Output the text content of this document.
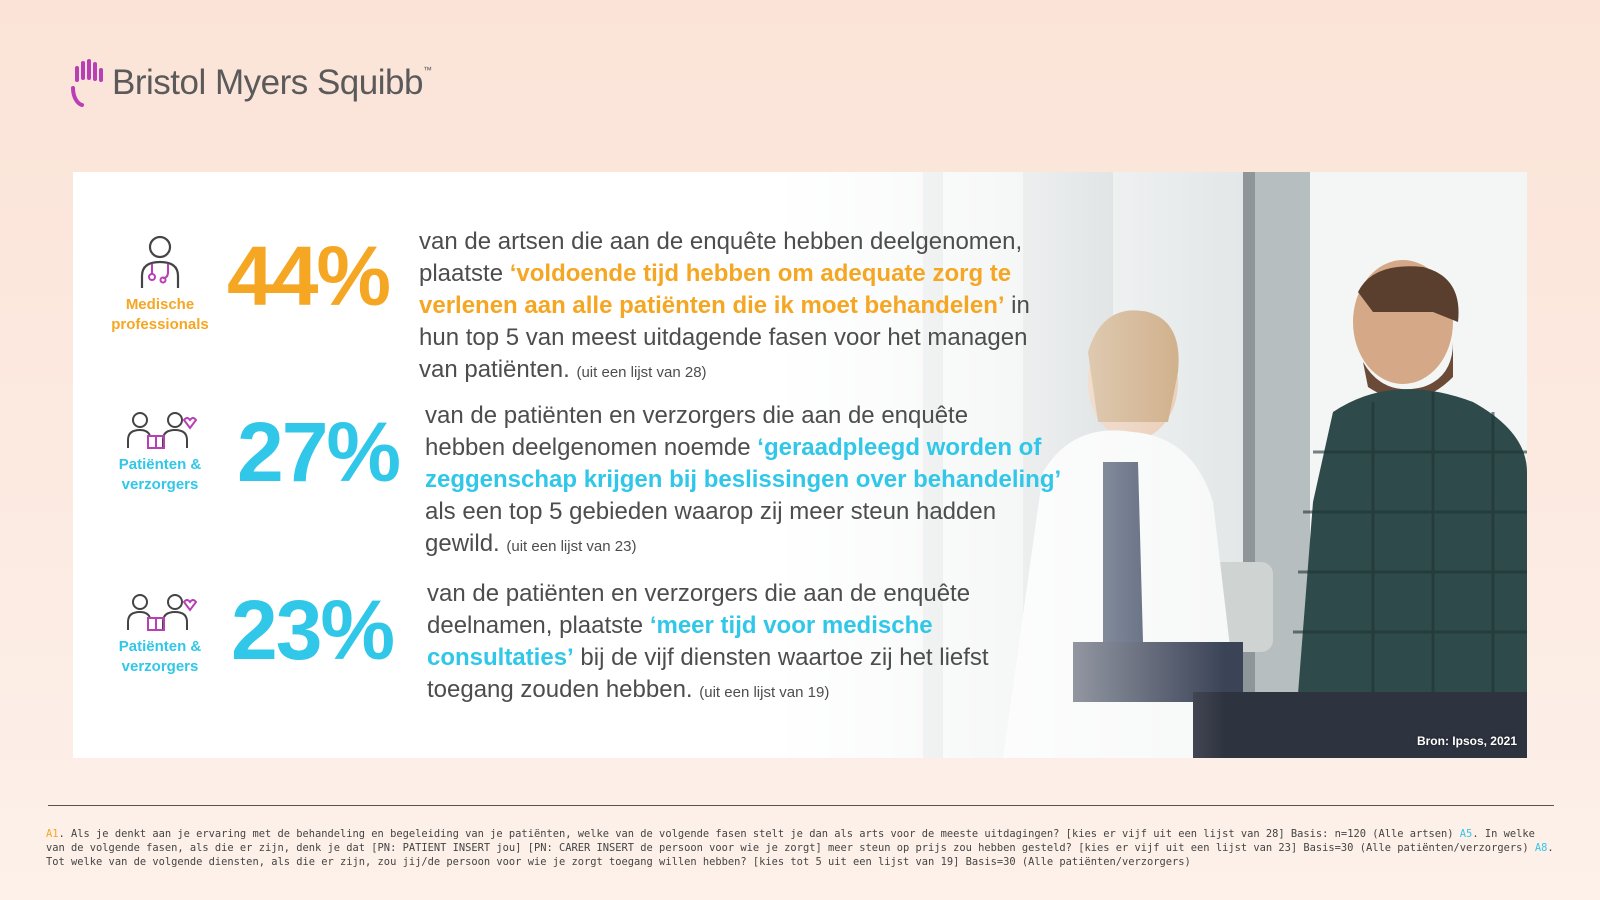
Bristol Myers Squibb™
Medische
professionals
44% van de artsen die aan de enquête hebben deelgenomen,
plaatste ‘voldoende tijd hebben om adequate zorg te verlenen aan alle patiënten die ik moet behandelen’ in hun top 5 van meest uitdagende fasen voor het managen van patiënten. (uit een lijst van 28)
Patiënten &
verzorgers 27% van de patiënten en verzorgers die aan de enquête
hebben deelgenomen noemde ‘geraadpleegd worden of zeggenschap krijgen bij beslissingen over behandeling’ als een top 5 gebieden waarop zij meer steun hadden gewild. (uit een lijst van 23)
Patiënten &
verzorgers 23% van de patiënten en verzorgers die aan de enquête
deelnamen, plaatste ‘meer tijd voor medische consultaties’ bij de vijf diensten waartoe zij het liefst toegang zouden hebben. (uit een lijst van 19)
Bron: Ipsos, 2021
A1. Als je denkt aan je ervaring met de behandeling en begeleiding van je patiënten, welke van de volgende fasen stelt je dan als arts voor de meeste uitdagingen? [kies er vijf uit een lijst van 28] Basis: n=120 (Alle artsen) A5. In welke van de volgende fasen, als die er zijn, denk je dat [PN: PATIENT INSERT jou] [PN: CARER INSERT de persoon voor wie je zorgt] meer steun op prijs zou hebben gesteld? [kies er vijf uit een lijst van 23] Basis=30 (Alle patiënten/verzorgers) A8. Tot welke van de volgende diensten, als die er zijn, zou jij/de persoon voor wie je zorgt toegang willen hebben? [kies tot 5 uit een lijst van 19] Basis=30 (Alle patiënten/verzorgers)
